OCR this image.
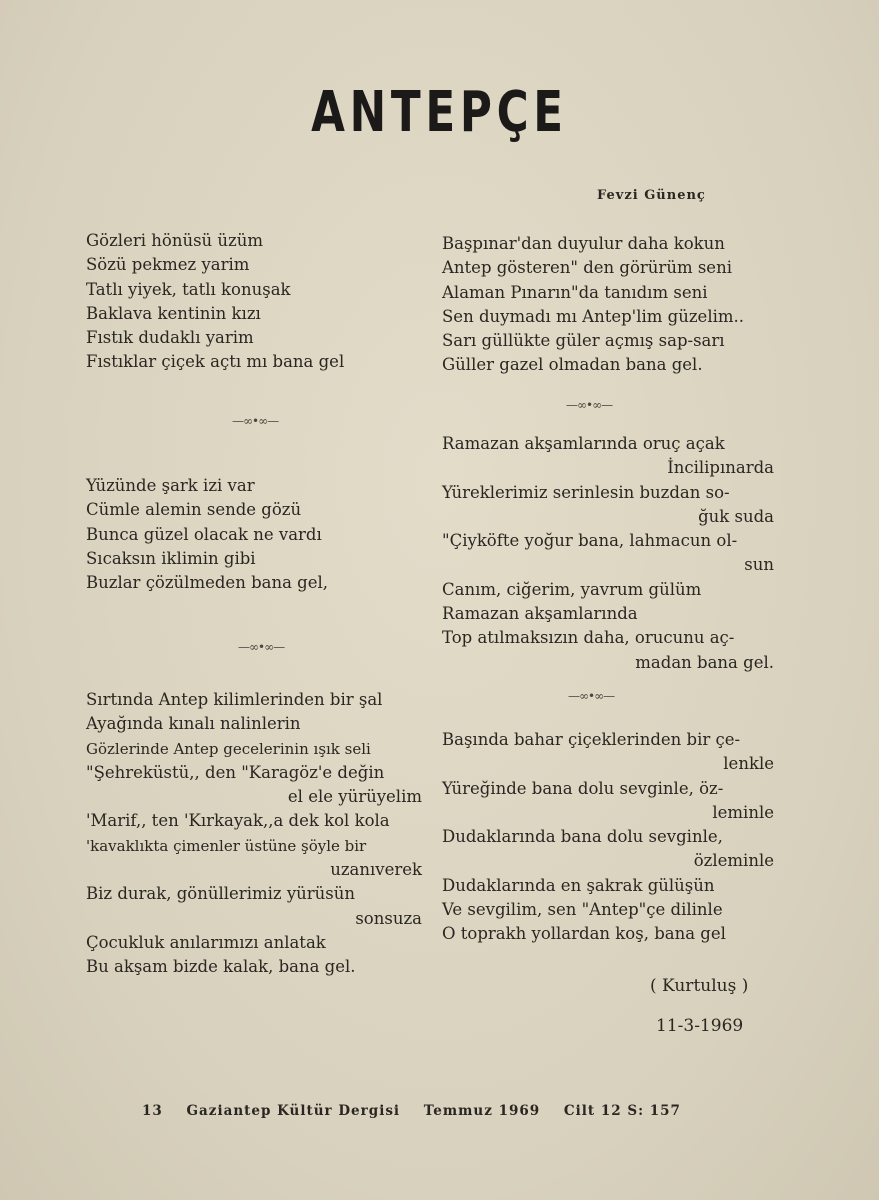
ANTEPÇE
Fevzi Günenç
Gözleri hönüsü üzüm
Sözü pekmez yarim
Tatlı yiyek, tatlı konuşak
Baklava kentinin kızı
Fıstık dudaklı yarim
Fıstıklar çiçek açtı mı bana gel
—∞•∞—
Yüzünde şark izi var
Cümle alemin sende gözü
Bunca güzel olacak ne vardı
Sıcaksın iklimin gibi
Buzlar çözülmeden bana gel,
—∞•∞—
Sırtında Antep kilimlerinden bir şal
Ayağında kınalı nalinlerin
Gözlerinde Antep gecelerinin ışık seli
"Şehreküstü,, den "Karagöz'e değin
el ele yürüyelim
'Marif,, ten 'Kırkayak,,a dek kol kola
'kavaklıkta çimenler üstüne şöyle bir
uzanıverek
Biz durak, gönüllerimiz yürüsün
sonsuza
Çocukluk anılarımızı anlatak
Bu akşam bizde kalak, bana gel.
Başpınar'dan duyulur daha kokun
Antep gösteren" den görürüm seni
Alaman Pınarın"da tanıdım seni
Sen duymadı mı Antep'lim güzelim..
Sarı güllükte güler açmış sap-sarı
Güller gazel olmadan bana gel.
—∞•∞—
Ramazan akşamlarında oruç açak
İncilipınarda
Yüreklerimiz serinlesin buzdan so-
ğuk suda
"Çiyköfte yoğur bana, lahmacun ol-
sun
Canım, ciğerim, yavrum gülüm
Ramazan akşamlarında
Top atılmaksızın daha, orucunu aç-
madan bana gel.
—∞•∞—
Başında bahar çiçeklerinden bir çe-
lenkle
Yüreğinde bana dolu sevginle, öz-
leminle
Dudaklarında bana dolu sevginle,
özleminle
Dudaklarında en şakrak gülüşün
Ve sevgilim, sen "Antep"çe dilinle
O toprakh yollardan koş, bana gel
( Kurtuluş )
11-3-1969
13 Gaziantep Kültür Dergisi Temmuz 1969 Cilt 12 S: 157
